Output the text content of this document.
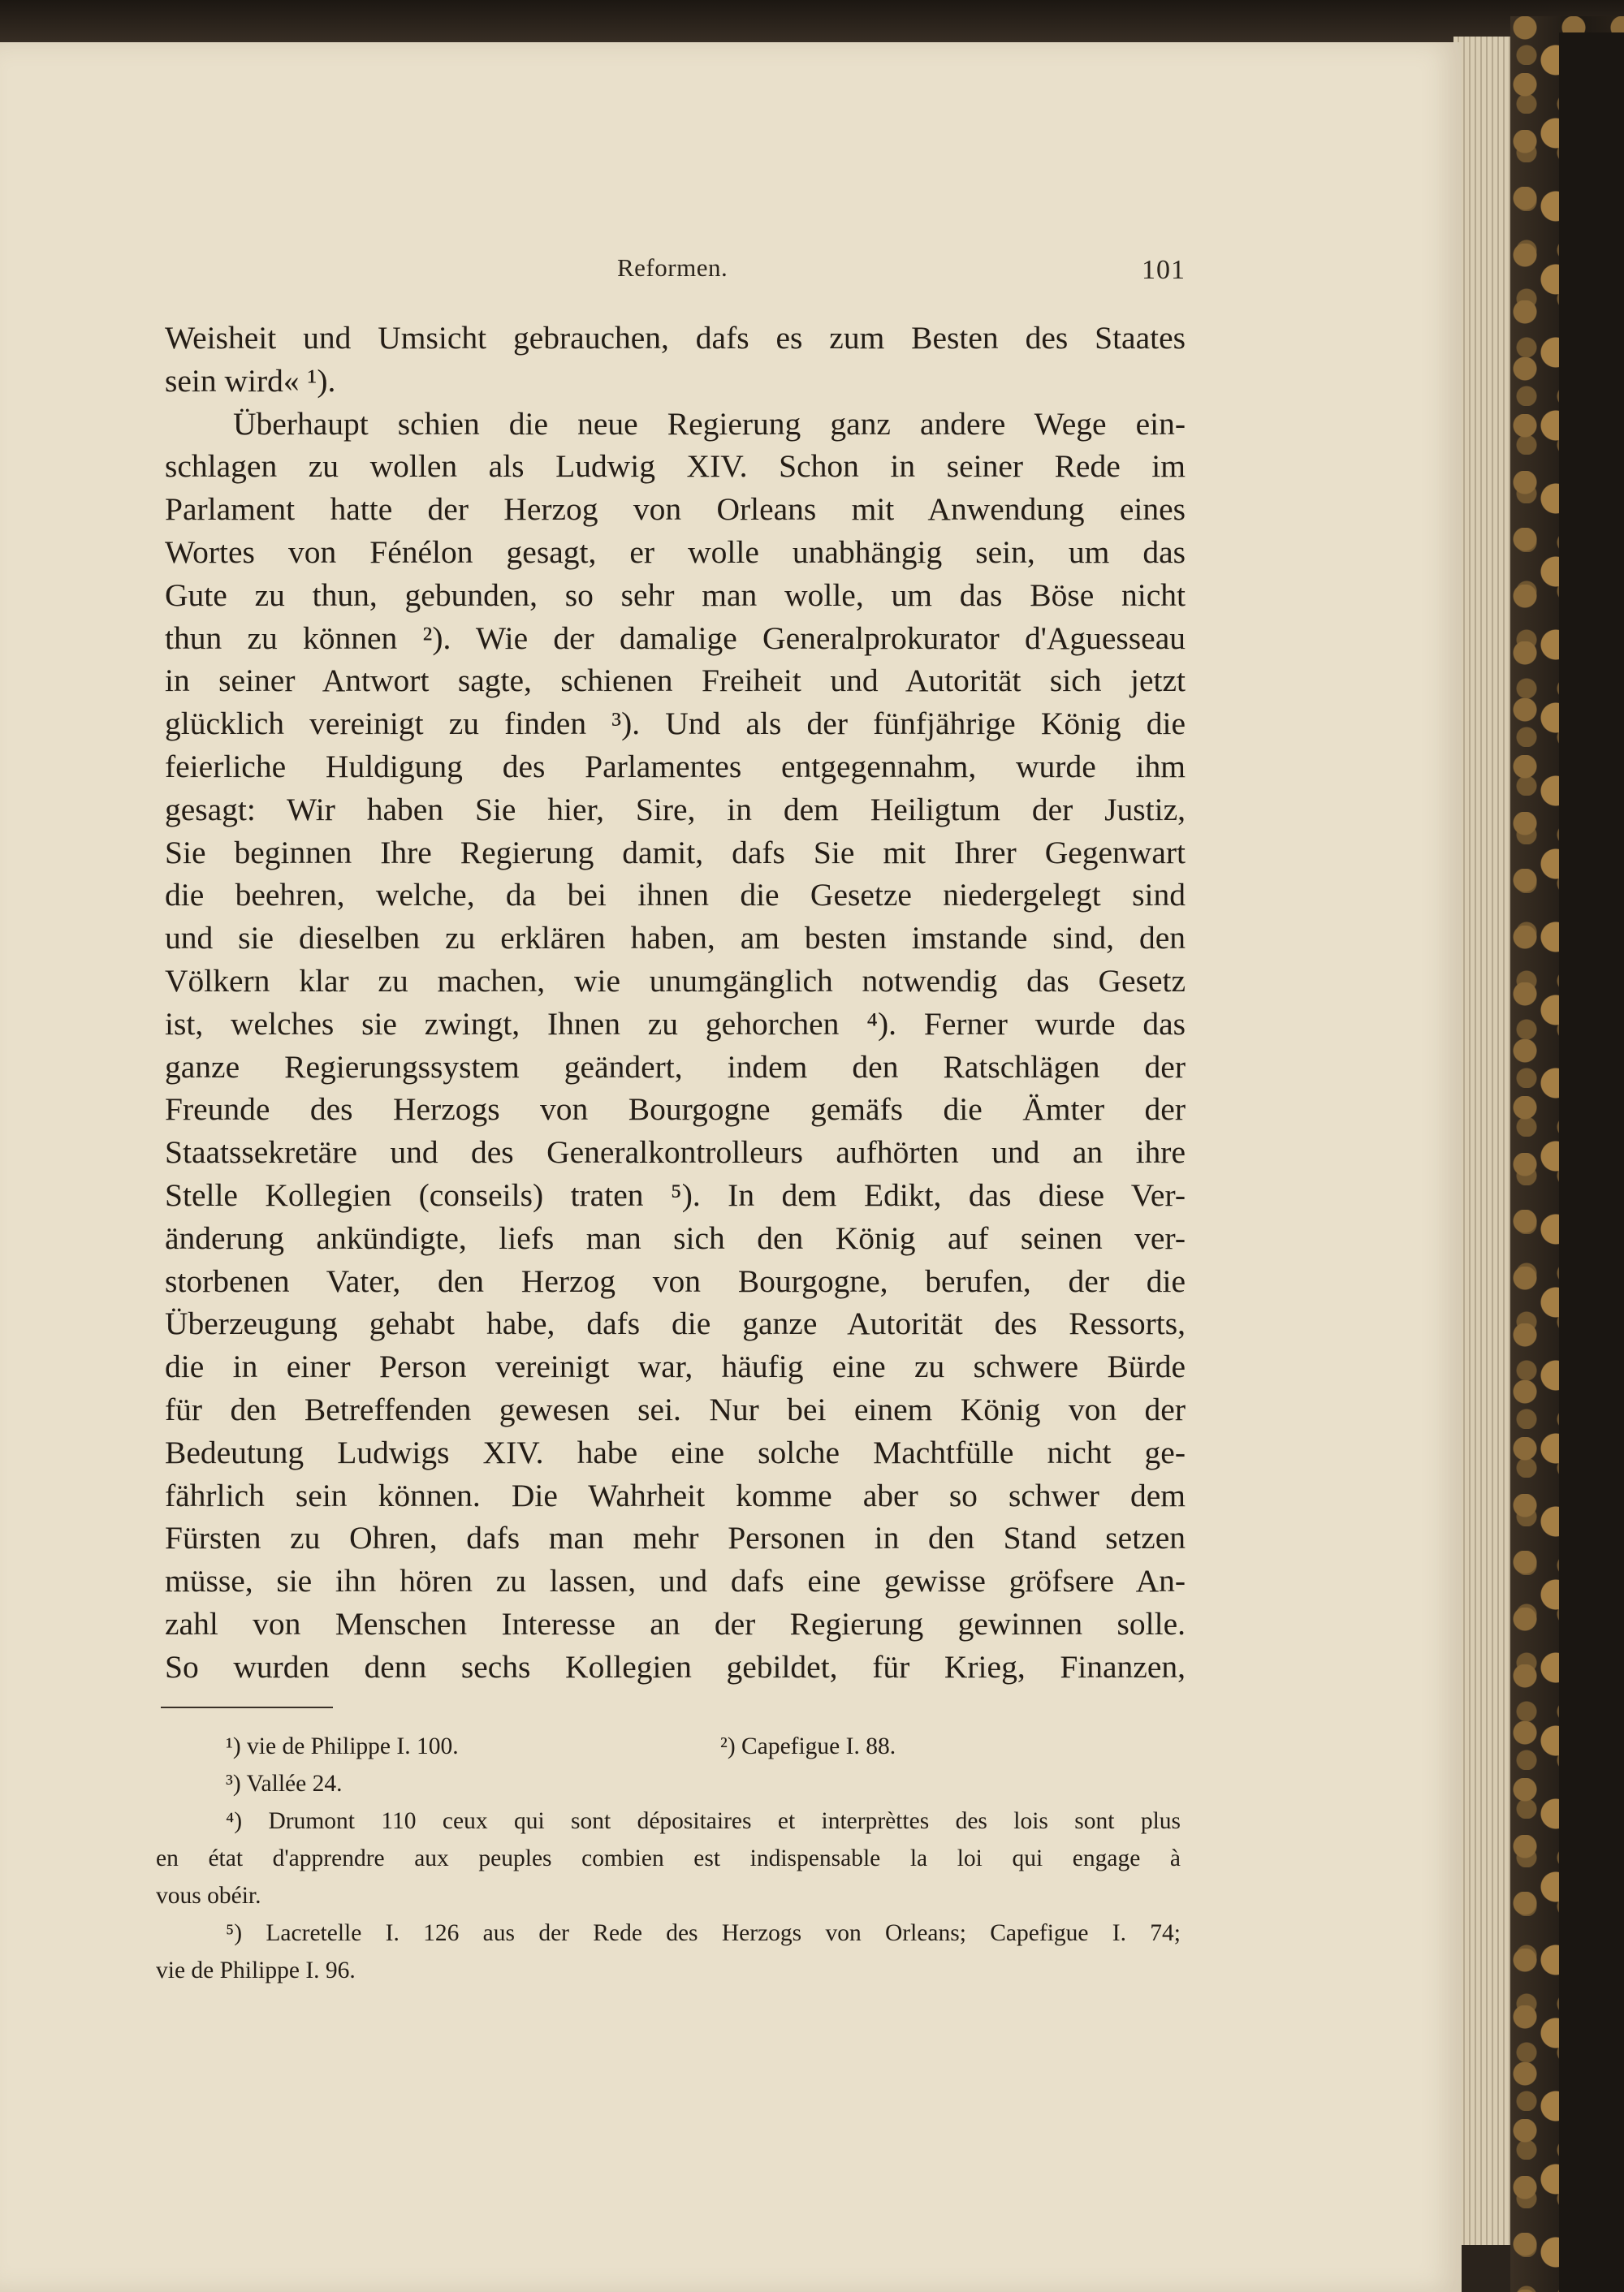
Reformen.	101
Weisheit und Umsicht gebrauchen, dafs es zum Besten des Staates
sein wird« ¹).
Überhaupt schien die neue Regierung ganz andere Wege ein-
schlagen zu wollen als Ludwig XIV. Schon in seiner Rede im
Parlament hatte der Herzog von Orleans mit Anwendung eines
Wortes von Fénélon gesagt, er wolle unabhängig sein, um das
Gute zu thun, gebunden, so sehr man wolle, um das Böse nicht
thun zu können ²). Wie der damalige Generalprokurator d'Aguesseau
in seiner Antwort sagte, schienen Freiheit und Autorität sich jetzt
glücklich vereinigt zu finden ³). Und als der fünfjährige König die
feierliche Huldigung des Parlamentes entgegennahm, wurde ihm
gesagt: Wir haben Sie hier, Sire, in dem Heiligtum der Justiz,
Sie beginnen Ihre Regierung damit, dafs Sie mit Ihrer Gegenwart
die beehren, welche, da bei ihnen die Gesetze niedergelegt sind
und sie dieselben zu erklären haben, am besten imstande sind, den
Völkern klar zu machen, wie unumgänglich notwendig das Gesetz
ist, welches sie zwingt, Ihnen zu gehorchen ⁴). Ferner wurde das
ganze Regierungssystem geändert, indem den Ratschlägen der
Freunde des Herzogs von Bourgogne gemäfs die Ämter der
Staatssekretäre und des Generalkontrolleurs aufhörten und an ihre
Stelle Kollegien (conseils) traten ⁵). In dem Edikt, das diese Ver-
änderung ankündigte, liefs man sich den König auf seinen ver-
storbenen Vater, den Herzog von Bourgogne, berufen, der die
Überzeugung gehabt habe, dafs die ganze Autorität des Ressorts,
die in einer Person vereinigt war, häufig eine zu schwere Bürde
für den Betreffenden gewesen sei. Nur bei einem König von der
Bedeutung Ludwigs XIV. habe eine solche Machtfülle nicht ge-
fährlich sein können. Die Wahrheit komme aber so schwer dem
Fürsten zu Ohren, dafs man mehr Personen in den Stand setzen
müsse, sie ihn hören zu lassen, und dafs eine gewisse gröfsere An-
zahl von Menschen Interesse an der Regierung gewinnen solle.
So wurden denn sechs Kollegien gebildet, für Krieg, Finanzen,
¹) vie de Philippe I. 100.	²) Capefigue I. 88.
³) Vallée 24.
⁴) Drumont 110 ceux qui sont dépositaires et interprèttes des lois sont plus
en état d'apprendre aux peuples combien est indispensable la loi qui engage à
vous obéir.
⁵) Lacretelle I. 126 aus der Rede des Herzogs von Orleans; Capefigue I. 74;
vie de Philippe I. 96.
